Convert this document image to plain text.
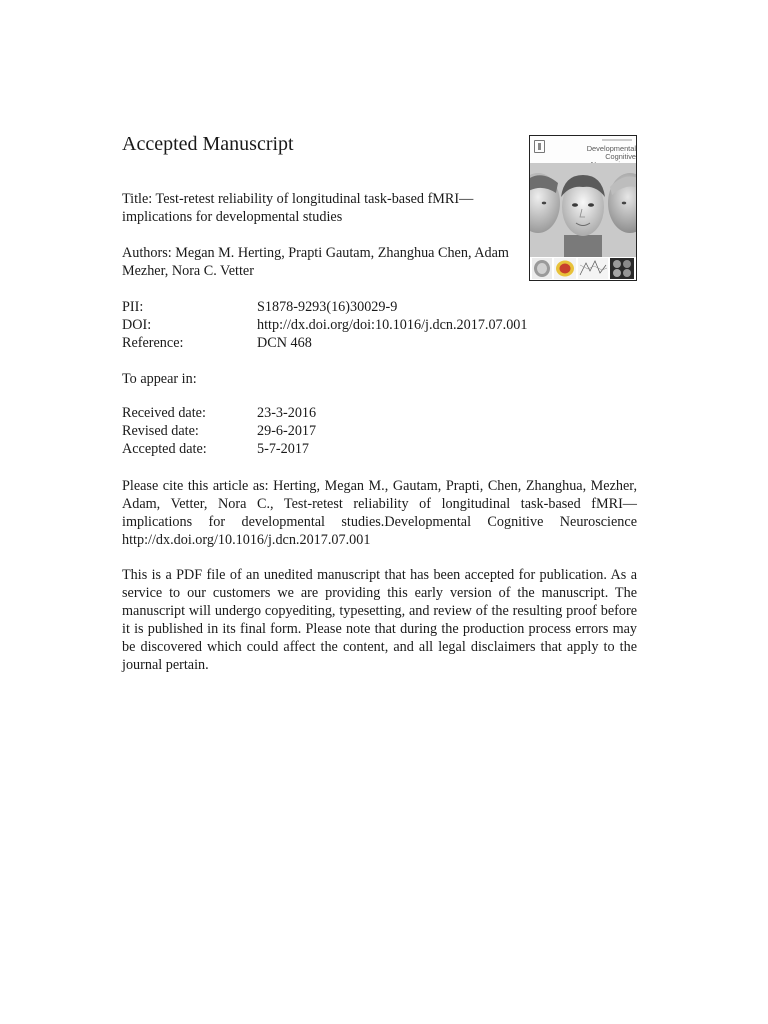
Accepted Manuscript
Title: Test-retest reliability of longitudinal task-based fMRI—implications for developmental studies
Authors: Megan M. Herting, Prapti Gautam, Zhanghua Chen, Adam Mezher, Nora C. Vetter
PII:	S1878-9293(16)30029-9
DOI:	http://dx.doi.org/doi:10.1016/j.dcn.2017.07.001
Reference:	DCN 468
To appear in:
Received date:	23-3-2016
Revised date:	29-6-2017
Accepted date:	5-7-2017

Please cite this article as: Herting, Megan M., Gautam, Prapti, Chen, Zhanghua, Mezher, Adam, Vetter, Nora C., Test-retest reliability of longitudinal task-based fMRI—implications for developmental studies.Developmental Cognitive Neuroscience http://dx.doi.org/10.1016/j.dcn.2017.07.001

This is a PDF file of an unedited manuscript that has been accepted for publication. As a service to our customers we are providing this early version of the manuscript. The manuscript will undergo copyediting, typesetting, and review of the resulting proof before it is published in its final form. Please note that during the production process errors may be discovered which could affect the content, and all legal disclaimers that apply to the journal pertain.

Developmental
Cognitive
